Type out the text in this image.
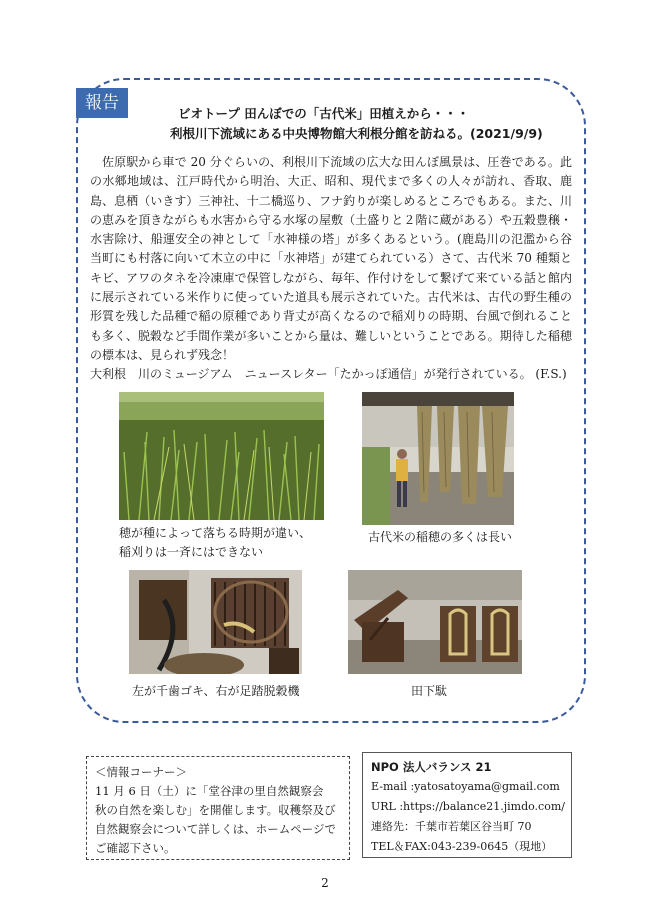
報告
ビオトープ 田んぼでの「古代米」田植えから・・・
利根川下流域にある中央博物館大利根分館を訪ねる。(2021/9/9)

佐原駅から車で 20 分ぐらいの、利根川下流域の広大な田んぼ風景は、圧巻である。此の水郷地域は、江戸時代から明治、大正、昭和、現代まで多くの人々が訪れ、香取、鹿島、息栖（いきす）三神社、十二橋巡り、フナ釣りが楽しめるところでもある。また、川の恵みを頂きながらも水害から守る水塚の屋敷（土盛りと２階に蔵がある）や五穀豊穣・水害除け、船運安全の神として「水神様の塔」が多くあるという。(鹿島川の氾濫から谷当町にも村落に向いて木立の中に「水神塔」が建てられている）さて、古代米 70 種類とキビ、アワのタネを冷凍庫で保管しながら、毎年、作付けをして繋げて来ている話と館内に展示されている米作りに使っていた道具も展示されていた。古代米は、古代の野生種の形質を残した品種で稲の原種であり背丈が高くなるので稲刈りの時期、台風で倒れることも多く、脱穀など手間作業が多いことから量は、難しいということである。期待した稲穂の標本は、見られず残念！

大利根　川のミュージアム　ニュースレター「たかっぽ通信」が発行されている。 (F.S.)

穂が種によって落ちる時期が違い、
稲刈りは一斉にはできない
古代米の稲穂の多くは長い
左が千歯ゴキ、右が足踏脱穀機	田下駄
＜情報コーナー＞
11 月 6 日（土）に「堂谷津の里自然観察会　秋の自然を楽しむ」を開催します。収穫祭及び自然観察会について詳しくは、ホームページでご確認下さい。
NPO 法人バランス 21
E-mail :yatosatoyama@gmail.com
URL :https://balance21.jimdo.com/
連絡先：千葉市若葉区谷当町 70
TEL＆FAX:043-239-0645（現地）
2
